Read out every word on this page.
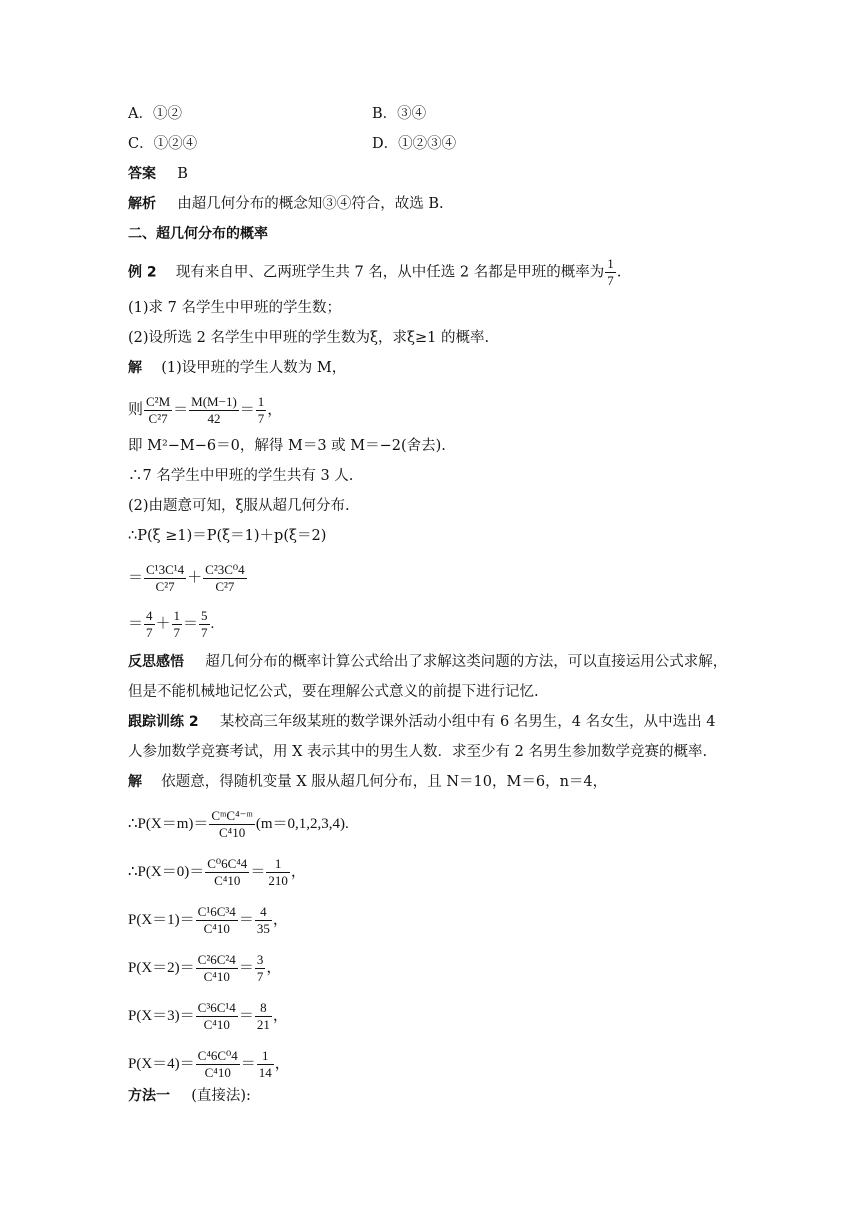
A．①②	B．③④
C．①②④	D．①②③④
答案 B
解析 由超几何分布的概念知③④符合，故选 B.
二、超几何分布的概率
例 2 现有来自甲、乙两班学生共 7 名，从中任选 2 名都是甲班的概率为 $\frac{1}{7}$ .
(1)求 7 名学生中甲班的学生数；
(2)设所选 2 名学生中甲班的学生数为ξ，求ξ≥1 的概率.
解 (1)设甲班的学生人数为 M，
则 $\frac{\text{C²M}}{\text{C²7}} = \frac{M(M-1)}{42} = \frac{1}{7}$ ，
即 M²−M−6＝0，解得 M＝3 或 M＝−2(舍去).
∴7 名学生中甲班的学生共有 3 人.
(2)由题意可知，ξ服从超几何分布.
∴P(ξ ≥1)＝P(ξ＝1)＋p(ξ＝2)
＝ $\frac{\text{C¹3C¹4}}{\text{C²7}} + \frac{\text{C²3C⁰4}}{\text{C²7}}$
＝ $\frac{4}{7} + \frac{1}{7} = \frac{5}{7}$ .
反思感悟 超几何分布的概率计算公式给出了求解这类问题的方法，可以直接运用公式求解，
但是不能机械地记忆公式，要在理解公式意义的前提下进行记忆.
跟踪训练 2 某校高三年级某班的数学课外活动小组中有 6 名男生，4 名女生，从中选出 4
人参加数学竞赛考试，用 X 表示其中的男生人数．求至少有 2 名男生参加数学竞赛的概率.
解 依题意，得随机变量 X 服从超几何分布，且 N＝10，M＝6，n＝4，
∴P(X＝m)＝ $\frac{\text{CᵐC⁴⁻ᵐ}}{\text{C⁴10}} (m=0,1,2,3,4)$.
∴P(X＝0)＝ $\frac{\text{C⁰6C⁴4}}{\text{C⁴10}} = \frac{1}{210}$ ，
$P(X=1)= \frac{\text{C¹6C³4}}{\text{C⁴10}} = \frac{4}{35}$ ，
$P(X=2)= \frac{\text{C²6C²4}}{\text{C⁴10}} = \frac{3}{7}$ ，
$P(X=3)= \frac{\text{C³6C¹4}}{\text{C⁴10}} = \frac{8}{21}$ ，
$P(X=4)= \frac{\text{C⁴6C⁰4}}{\text{C⁴10}} = \frac{1}{14}$ ，
方法一 (直接法):
